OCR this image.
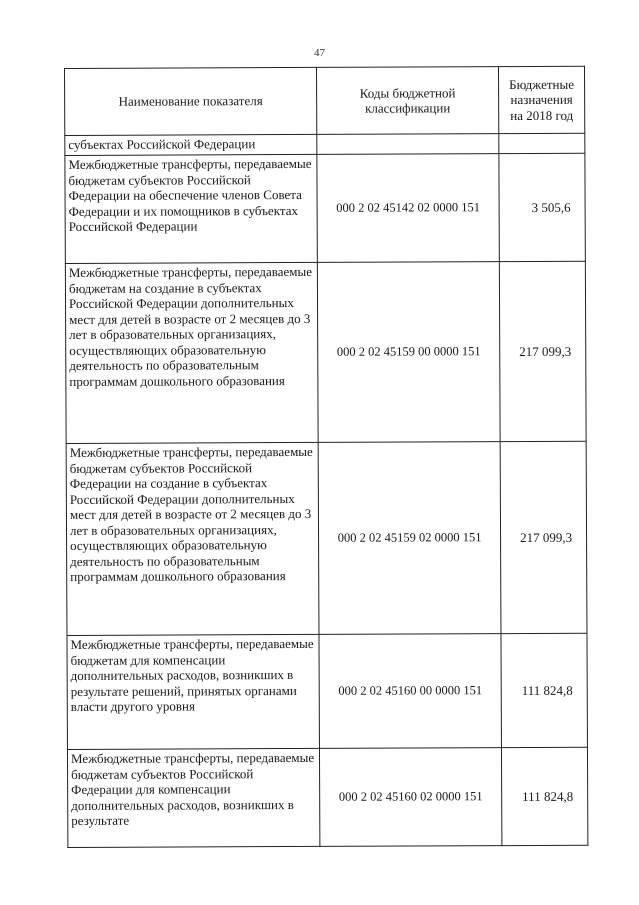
47
Наименование показателя	Коды бюджетной классификации	Бюджетные назначения на 2018 год
субъектах Российской Федерации		
Межбюджетные трансферты, передаваемые бюджетам субъектов Российской Федерации на обеспечение членов Совета Федерации и их помощников в субъектах Российской Федерации	000 2 02 45142 02 0000 151	3 505,6
Межбюджетные трансферты, передаваемые бюджетам на создание в субъектах Российской Федерации дополнительных мест для детей в возрасте от 2 месяцев до 3 лет в образовательных организациях, осуществляющих образовательную деятельность по образовательным программам дошкольного образования	000 2 02 45159 00 0000 151	217 099,3
Межбюджетные трансферты, передаваемые бюджетам субъектов Российской Федерации на создание в субъектах Российской Федерации дополнительных мест для детей в возрасте от 2 месяцев до 3 лет в образовательных организациях, осуществляющих образовательную деятельность по образовательным программам дошкольного образования	000 2 02 45159 02 0000 151	217 099,3
Межбюджетные трансферты, передаваемые бюджетам для компенсации дополнительных расходов, возникших в результате решений, принятых органами власти другого уровня	000 2 02 45160 00 0000 151	111 824,8
Межбюджетные трансферты, передаваемые бюджетам субъектов Российской Федерации для компенсации дополнительных расходов, возникших в результате	000 2 02 45160 02 0000 151	111 824,8
